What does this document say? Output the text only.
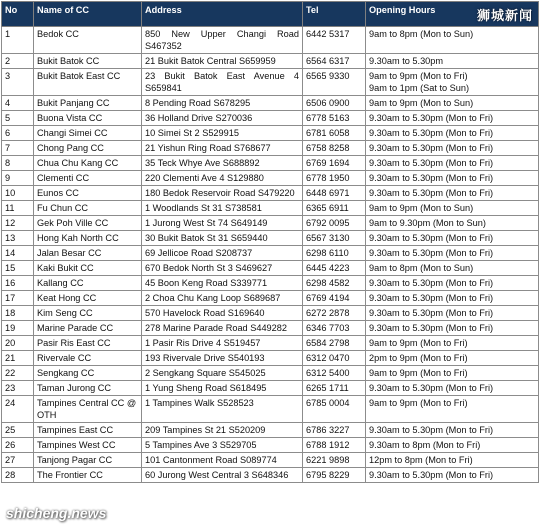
No	Name of CC	Address	Tel	Opening Hours
1	Bedok CC	850 New Upper Changi Road S467352	6442 5317	9am to 8pm (Mon to Sun)
2	Bukit Batok CC	21 Bukit Batok Central S659959	6564 6317	9.30am to 5.30pm
3	Bukit Batok East CC	23 Bukit Batok East Avenue 4 S659841	6565 9330	9am to 9pm (Mon to Fri)
9am to 1pm (Sat to Sun)
4	Bukit Panjang CC	8 Pending Road S678295	6506 0900	9am to 9pm (Mon to Sun)
5	Buona Vista CC	36 Holland Drive S270036	6778 5163	9.30am to 5.30pm (Mon to Fri)
6	Changi Simei CC	10 Simei St 2 S529915	6781 6058	9.30am to 5.30pm (Mon to Fri)
7	Chong Pang CC	21 Yishun Ring Road S768677	6758 8258	9.30am to 5.30pm (Mon to Fri)
8	Chua Chu Kang CC	35 Teck Whye Ave S688892	6769 1694	9.30am to 5.30pm (Mon to Fri)
9	Clementi CC	220 Clementi Ave 4 S129880	6778 1950	9.30am to 5.30pm (Mon to Fri)
10	Eunos CC	180 Bedok Reservoir Road S479220	6448 6971	9.30am to 5.30pm (Mon to Fri)
11	Fu Chun CC	1 Woodlands St 31 S738581	6365 6911	9am to 9pm (Mon to Sun)
12	Gek Poh Ville CC	1 Jurong West St 74 S649149	6792 0095	9am to 9.30pm (Mon to Sun)
13	Hong Kah North CC	30 Bukit Batok St 31 S659440	6567 3130	9.30am to 5.30pm (Mon to Fri)
14	Jalan Besar CC	69 Jellicoe Road S208737	6298 6110	9.30am to 5.30pm (Mon to Fri)
15	Kaki Bukit CC	670 Bedok North St 3 S469627	6445 4223	9am to 8pm (Mon to Sun)
16	Kallang CC	45 Boon Keng Road S339771	6298 4582	9.30am to 5.30pm (Mon to Fri)
17	Keat Hong CC	2 Choa Chu Kang Loop S689687	6769 4194	9.30am to 5.30pm (Mon to Fri)
18	Kim Seng CC	570 Havelock Road S169640	6272 2878	9.30am to 5.30pm (Mon to Fri)
19	Marine Parade CC	278 Marine Parade Road S449282	6346 7703	9.30am to 5.30pm (Mon to Fri)
20	Pasir Ris East CC	1 Pasir Ris Drive 4 S519457	6584 2798	9am to 9pm (Mon to Fri)
21	Rivervale CC	193 Rivervale Drive S540193	6312 0470	2pm to 9pm (Mon to Fri)
22	Sengkang CC	2 Sengkang Square S545025	6312 5400	9am to 9pm (Mon to Fri)
23	Taman Jurong CC	1 Yung Sheng Road S618495	6265 1711	9.30am to 5.30pm (Mon to Fri)
24	Tampines Central CC @ OTH	1 Tampines Walk S528523	6785 0004	9am to 9pm (Mon to Fri)
25	Tampines East CC	209 Tampines St 21 S520209	6786 3227	9.30am to 5.30pm (Mon to Fri)
26	Tampines West CC	5 Tampines Ave 3 S529705	6788 1912	9.30am to 8pm (Mon to Fri)
27	Tanjong Pagar CC	101 Cantonment Road S089774	6221 9898	12pm to 8pm (Mon to Fri)
28	The Frontier CC	60 Jurong West Central 3 S648346	6795 8229	9.30am to 5.30pm (Mon to Fri)
狮城新闻
shicheng.news
